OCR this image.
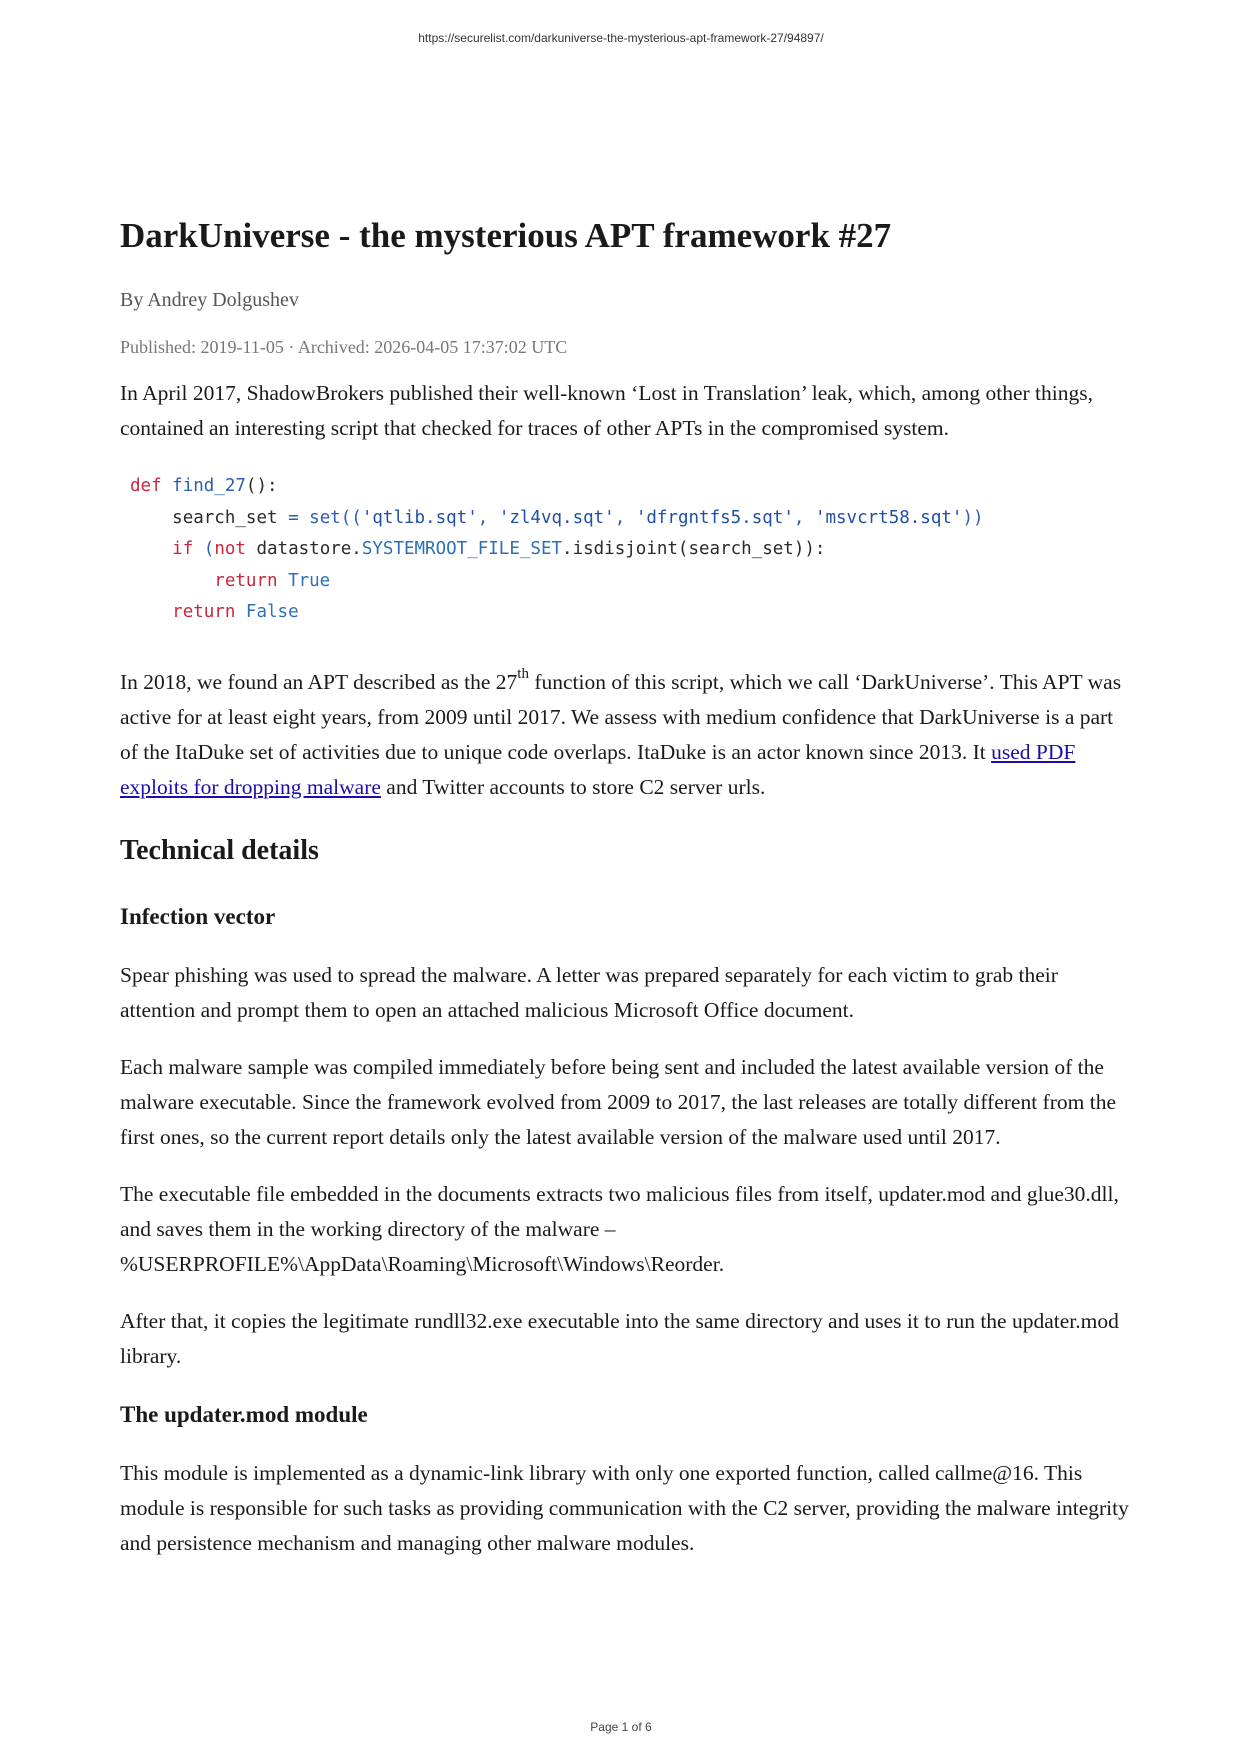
https://securelist.com/darkuniverse-the-mysterious-apt-framework-27/94897/
DarkUniverse - the mysterious APT framework #27
By Andrey Dolgushev
Published: 2019-11-05 · Archived: 2026-04-05 17:37:02 UTC

In April 2017, ShadowBrokers published their well-known ‘Lost in Translation’ leak, which, among other things, contained an interesting script that checked for traces of other APTs in the compromised system.

def find_27():
search_set = set(('qtlib.sqt', 'zl4vq.sqt', 'dfrgntfs5.sqt', 'msvcrt58.sqt'))
if (not datastore.SYSTEMROOT_FILE_SET.isdisjoint(search_set)):
return True
return False

In 2018, we found an APT described as the 27th function of this script, which we call ‘DarkUniverse’. This APT was active for at least eight years, from 2009 until 2017. We assess with medium confidence that DarkUniverse is a part of the ItaDuke set of activities due to unique code overlaps. ItaDuke is an actor known since 2013. It used PDF exploits for dropping malware and Twitter accounts to store C2 server urls.

Technical details
Infection vector

Spear phishing was used to spread the malware. A letter was prepared separately for each victim to grab their attention and prompt them to open an attached malicious Microsoft Office document.

Each malware sample was compiled immediately before being sent and included the latest available version of the malware executable. Since the framework evolved from 2009 to 2017, the last releases are totally different from the first ones, so the current report details only the latest available version of the malware used until 2017.

The executable file embedded in the documents extracts two malicious files from itself, updater.mod and glue30.dll, and saves them in the working directory of the malware –
%USERPROFILE%\AppData\Roaming\Microsoft\Windows\Reorder.

After that, it copies the legitimate rundll32.exe executable into the same directory and uses it to run the updater.mod library.

The updater.mod module

This module is implemented as a dynamic-link library with only one exported function, called callme@16. This module is responsible for such tasks as providing communication with the C2 server, providing the malware integrity and persistence mechanism and managing other malware modules.

Page 1 of 6
